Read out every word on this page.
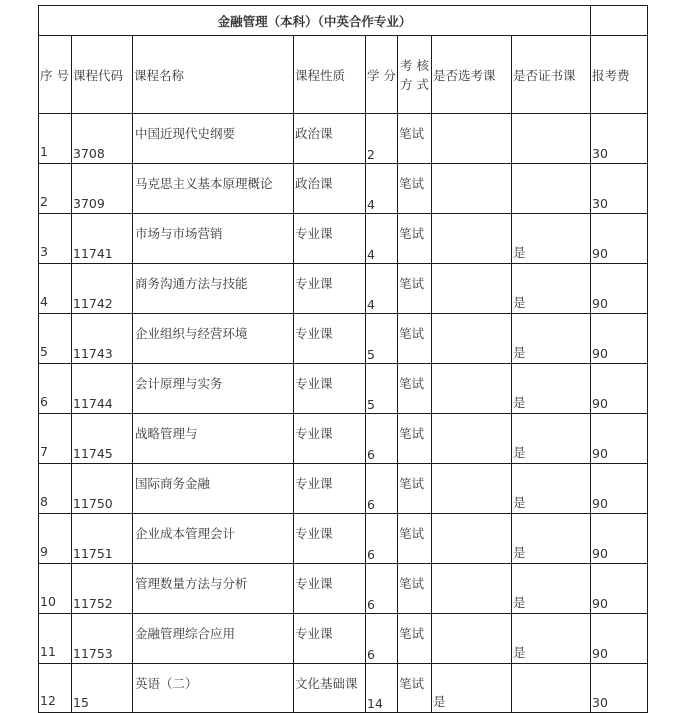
金融管理（本科）（中英合作专业）								
序 号	课程代码	课程名称	课程性质	学 分	考 核 方 式	是否选考课	是否证书课	报考费
1	3708	中国近现代史纲要	政治课	2	笔试			30
2	3709	马克思主义基本原理概论	政治课	4	笔试			30
3	11741	市场与市场营销	专业课	4	笔试		是	90
4	11742	商务沟通方法与技能	专业课	4	笔试		是	90
5	11743	企业组织与经营环境	专业课	5	笔试		是	90
6	11744	会计原理与实务	专业课	5	笔试		是	90
7	11745	战略管理与	专业课	6	笔试		是	90
8	11750	国际商务金融	专业课	6	笔试		是	90
9	11751	企业成本管理会计	专业课	6	笔试		是	90
10	11752	管理数量方法与分析	专业课	6	笔试		是	90
11	11753	金融管理综合应用	专业课	6	笔试		是	90
12	15	英语（二）	文化基础课	14	笔试	是		30
